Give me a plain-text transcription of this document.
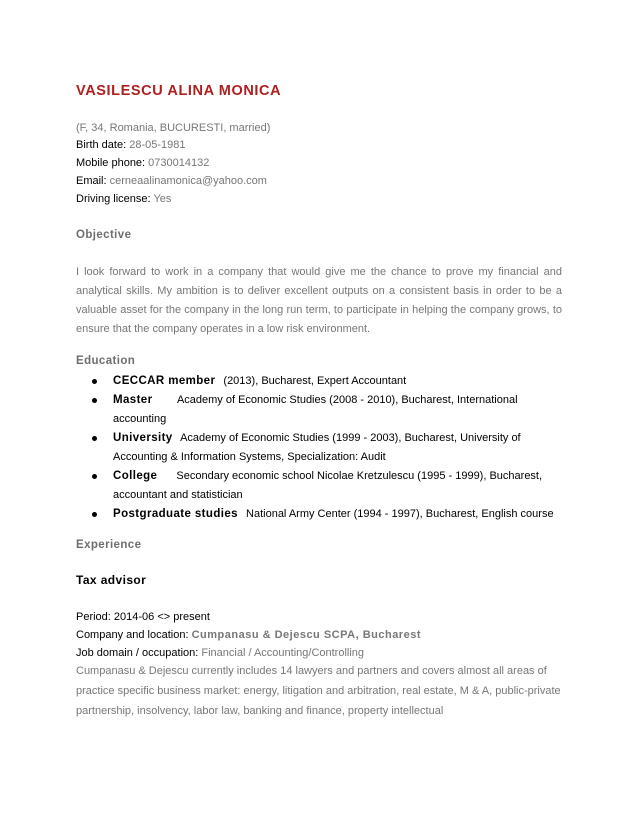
VASILESCU ALINA MONICA
(F, 34, Romania, BUCURESTI, married)
Birth date: 28-05-1981
Mobile phone: 0730014132
Email: cerneaalinamonica@yahoo.com
Driving license: Yes
Objective
I look forward to work in a company that would give me the chance to prove my financial and analytical skills. My ambition is to deliver excellent outputs on a consistent basis in order to be a valuable asset for the company in the long run term, to participate in helping the company grows, to ensure that the company operates in a low risk environment.
Education
CECCAR member (2013), Bucharest, Expert Accountant
Master Academy of Economic Studies (2008 - 2010), Bucharest, International accounting
University Academy of Economic Studies (1999 - 2003), Bucharest, University of Accounting & Information Systems, Specialization: Audit
College Secondary economic school Nicolae Kretzulescu (1995 - 1999), Bucharest, accountant and statistician
Postgraduate studies National Army Center (1994 - 1997), Bucharest, English course
Experience
Tax advisor
Period: 2014-06 <> present
Company and location: Cumpanasu & Dejescu SCPA, Bucharest
Job domain / occupation: Financial / Accounting/Controlling
Cumpanasu & Dejescu currently includes 14 lawyers and partners and covers almost all areas of practice specific business market: energy, litigation and arbitration, real estate, M & A, public-private partnership, insolvency, labor law, banking and finance, property intellectual
